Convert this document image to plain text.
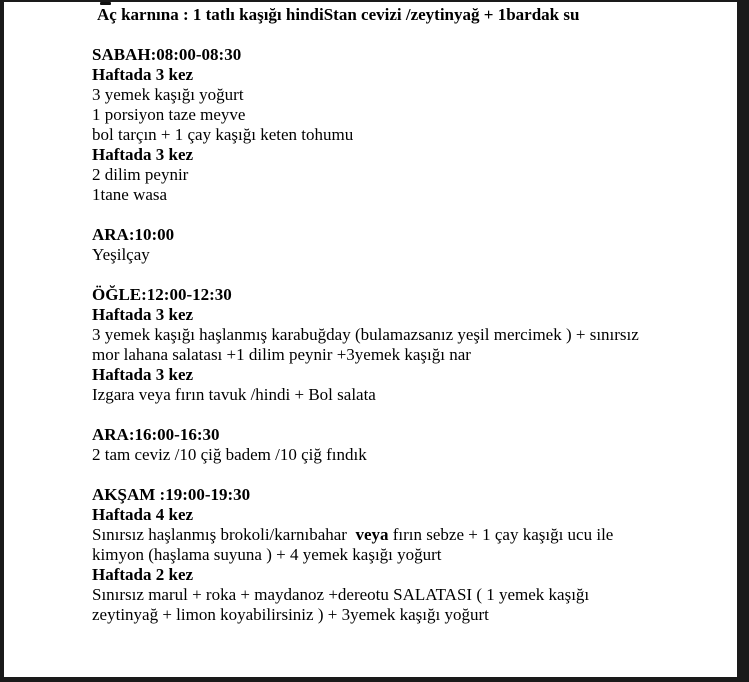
Aç karnına : 1 tatlı kaşığı hindiStan cevizi /zeytinyağ + 1bardak su

SABAH:08:00-08:30

Haftada 3 kez

3 yemek kaşığı yoğurt

1 porsiyon taze meyve

bol tarçın + 1 çay kaşığı keten tohumu

Haftada 3 kez

2 dilim peynir

1tane wasa

ARA:10:00

Yeşilçay

ÖĞLE:12:00-12:30

Haftada 3 kez

3 yemek kaşığı haşlanmış karabuğday (bulamazsanız yeşil mercimek ) + sınırsız

mor lahana salatası +1 dilim peynir +3yemek kaşığı nar

Haftada 3 kez

Izgara veya fırın tavuk /hindi + Bol salata

ARA:16:00-16:30

2 tam ceviz /10 çiğ badem /10 çiğ fındık

AKŞAM :19:00-19:30

Haftada 4 kez

Sınırsız haşlanmış brokoli/karnıbahar  veya fırın sebze + 1 çay kaşığı ucu ile

kimyon (haşlama suyuna ) + 4 yemek kaşığı yoğurt

Haftada 2 kez

Sınırsız marul + roka + maydanoz +dereotu SALATASI ( 1 yemek kaşığı

zeytinyağ + limon koyabilirsiniz ) + 3yemek kaşığı yoğurt
